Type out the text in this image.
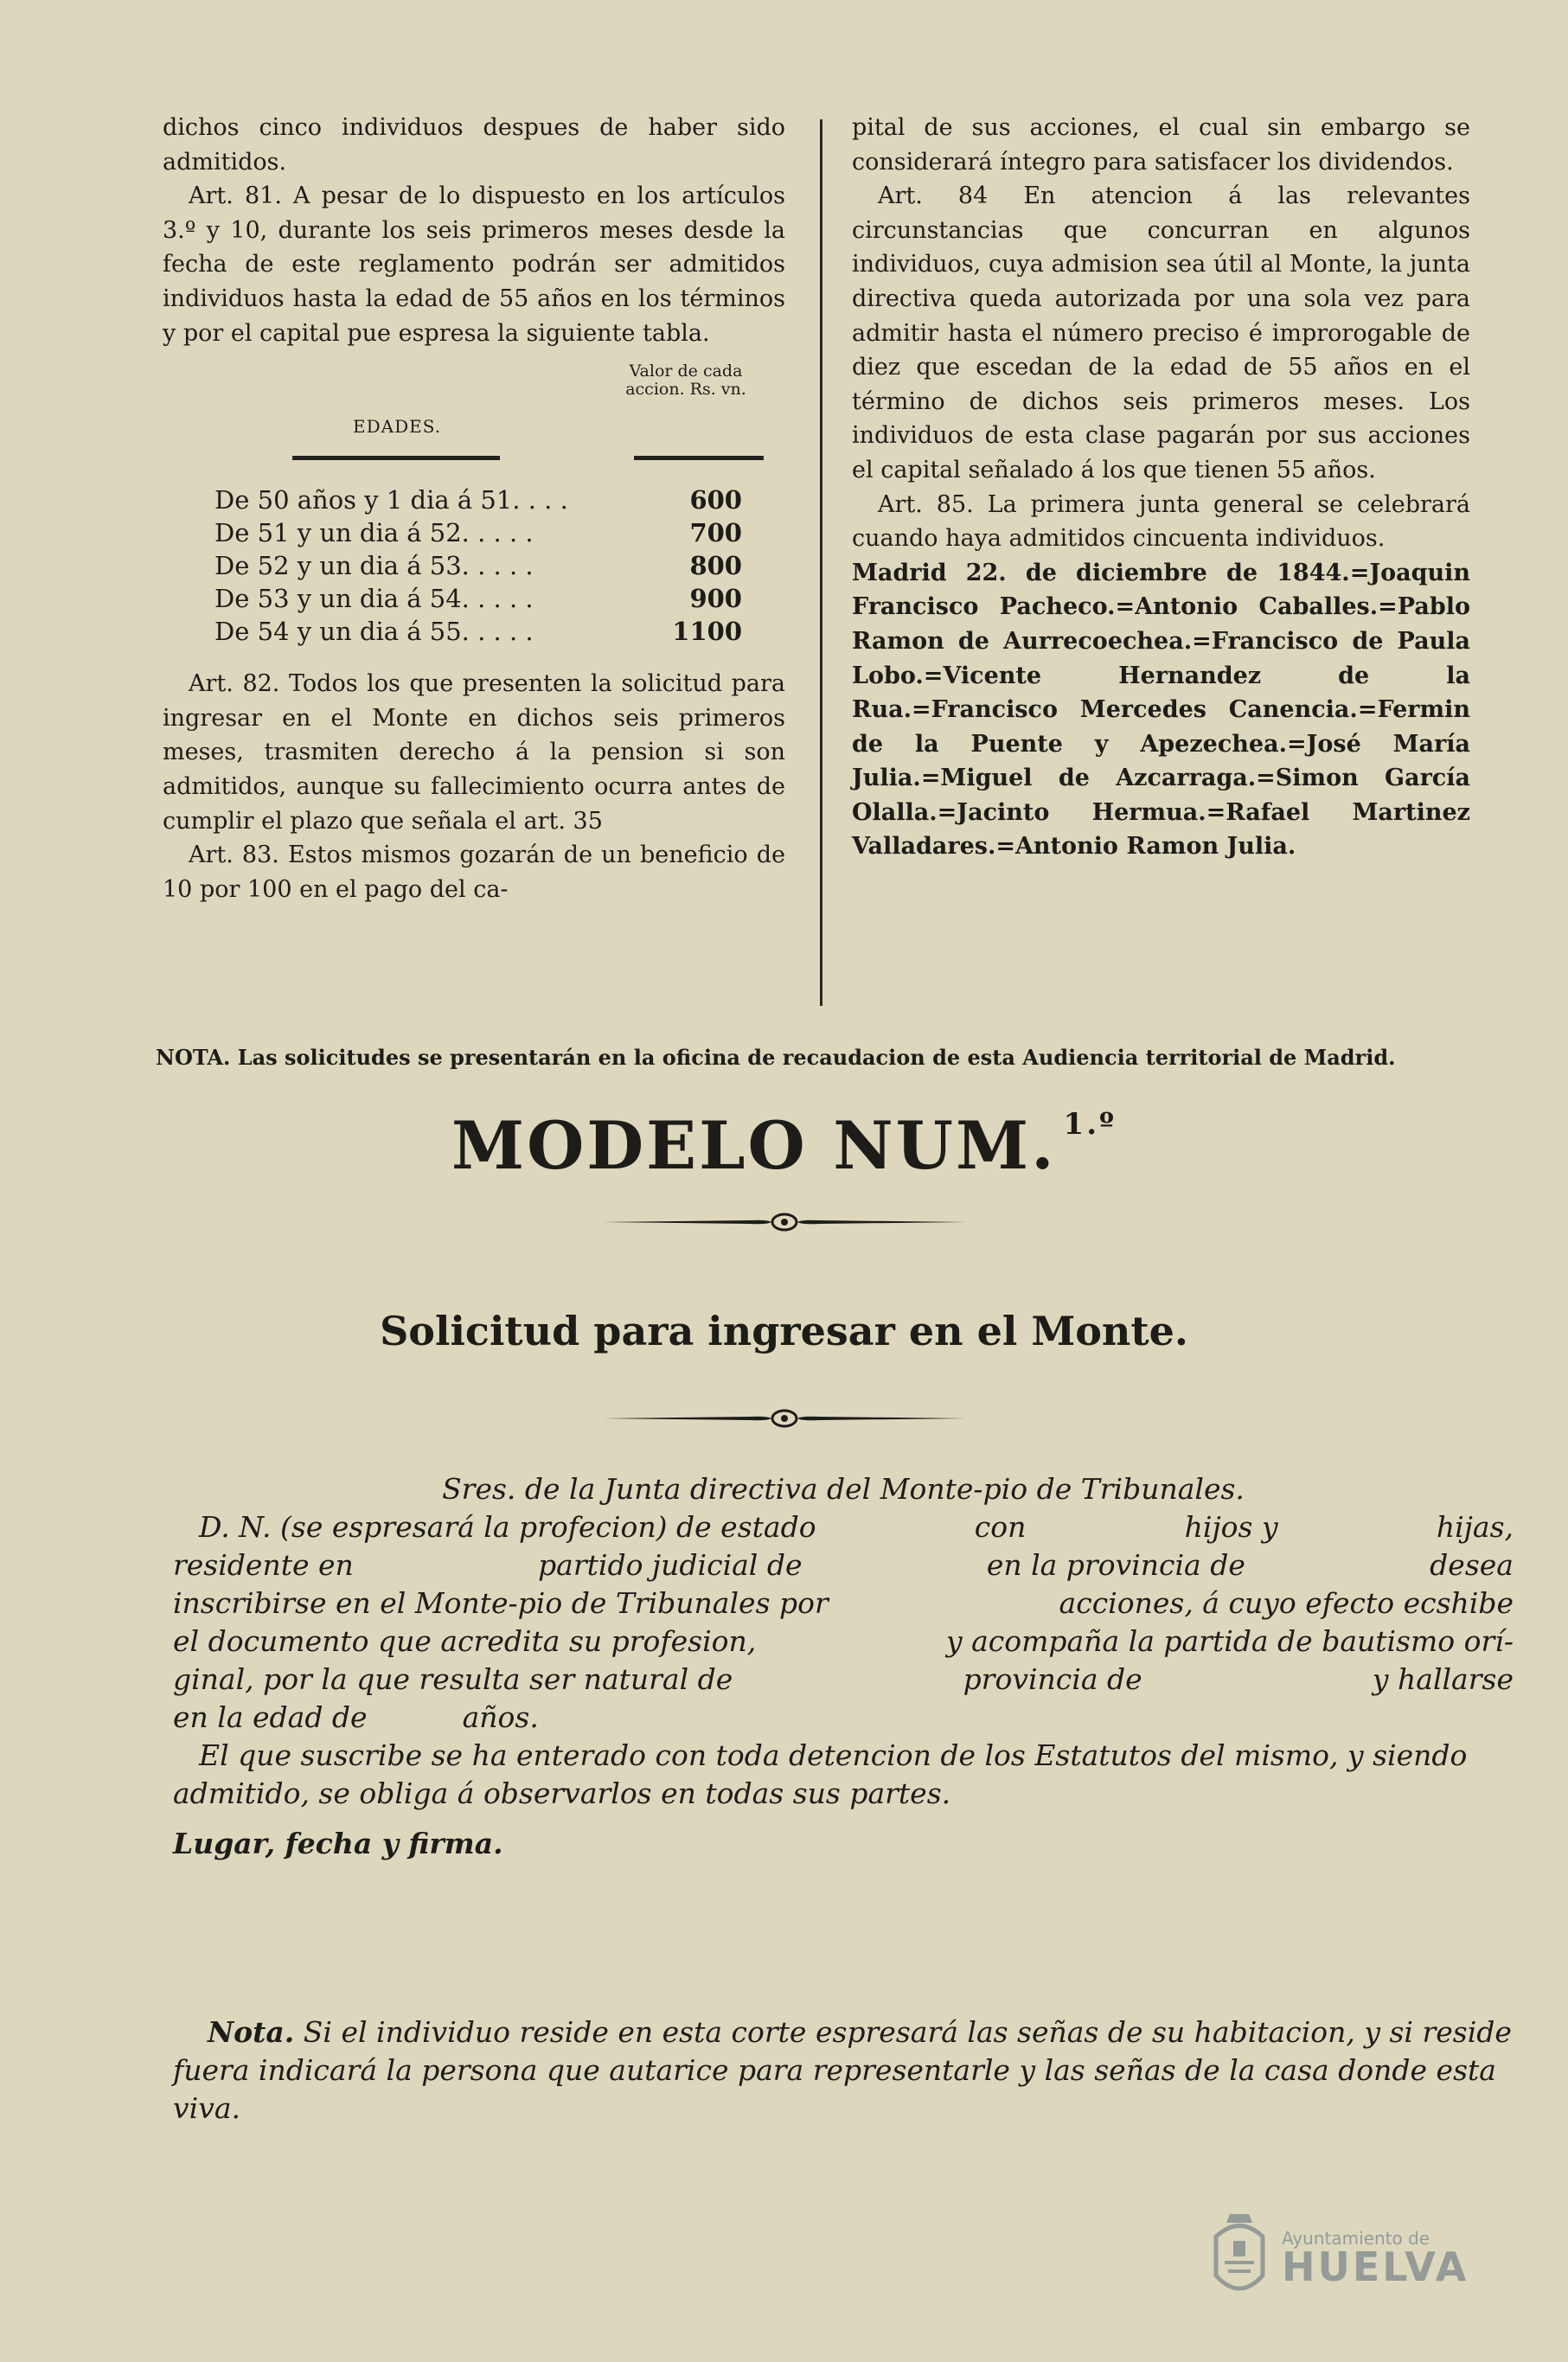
dichos cinco individuos despues de haber sido admitidos.

Art. 81. A pesar de lo dispuesto en los artículos 3.º y 10, durante los seis primeros meses desde la fecha de este reglamento podrán ser admitidos individuos hasta la edad de 55 años en los términos y por el capital pue espresa la siguiente tabla.

EDADES.
Valor de cada accion. Rs. vn.
De 50 años y 1 dia á 51. . . .	600
De 51 y un dia á 52. . . . .	700
De 52 y un dia á 53. . . . .	800
De 53 y un dia á 54. . . . .	900
De 54 y un dia á 55. . . . .	1100

Art. 82. Todos los que presenten la solicitud para ingresar en el Monte en dichos seis primeros meses, trasmiten derecho á la pension si son admitidos, aunque su fallecimiento ocurra antes de cumplir el plazo que señala el art. 35

Art. 83. Estos mismos gozarán de un beneficio de 10 por 100 en el pago del ca-

pital de sus acciones, el cual sin embargo se considerará íntegro para satisfacer los dividendos.

Art. 84 En atencion á las relevantes circunstancias que concurran en algunos individuos, cuya admision sea útil al Monte, la junta directiva queda autorizada por una sola vez para admitir hasta el número preciso é improrogable de diez que escedan de la edad de 55 años en el término de dichos seis primeros meses. Los individuos de esta clase pagarán por sus acciones el capital señalado á los que tienen 55 años.

Art. 85. La primera junta general se celebrará cuando haya admitidos cincuenta individuos.

Madrid 22. de diciembre de 1844.=Joaquin Francisco Pacheco.=Antonio Caballes.=Pablo Ramon de Aurrecoechea.=Francisco de Paula Lobo.=Vicente Hernandez de la Rua.=Francisco Mercedes Canencia.=Fermin de la Puente y Apezechea.=José María Julia.=Miguel de Azcarraga.=Simon García Olalla.=Jacinto Hermua.=Rafael Martinez Valladares.=Antonio Ramon Julia.

NOTA. Las solicitudes se presentarán en la oficina de recaudacion de esta Audiencia territorial de Madrid.
MODELO NUM. $^{1.º}$
Solicitud para ingresar en el Monte.

Sres. de la Junta directiva del Monte-pio de Tribunales.

D. N. (se espresará la profecion) de estado	con	hijos y	hijas,
residente en	partido judicial de	en la provincia de	desea
inscribirse en el Monte-pio de Tribunales por	acciones, á cuyo efecto ecshibe
el documento que acredita su profesion,	y acompaña la partida de bautismo orí-
ginal, por la que resulta ser natural de	provincia de	y hallarse
en la edad de	años.

El que suscribe se ha enterado con toda detencion de los Estatutos del mismo, y siendo admitido, se obliga á observarlos en todas sus partes.

Lugar, fecha y firma.

Nota. Si el individuo reside en esta corte espresará las señas de su habitacion, y si reside fuera indicará la persona que autarice para representarle y las señas de la casa donde esta viva.

Ayuntamiento de
HUELVA
